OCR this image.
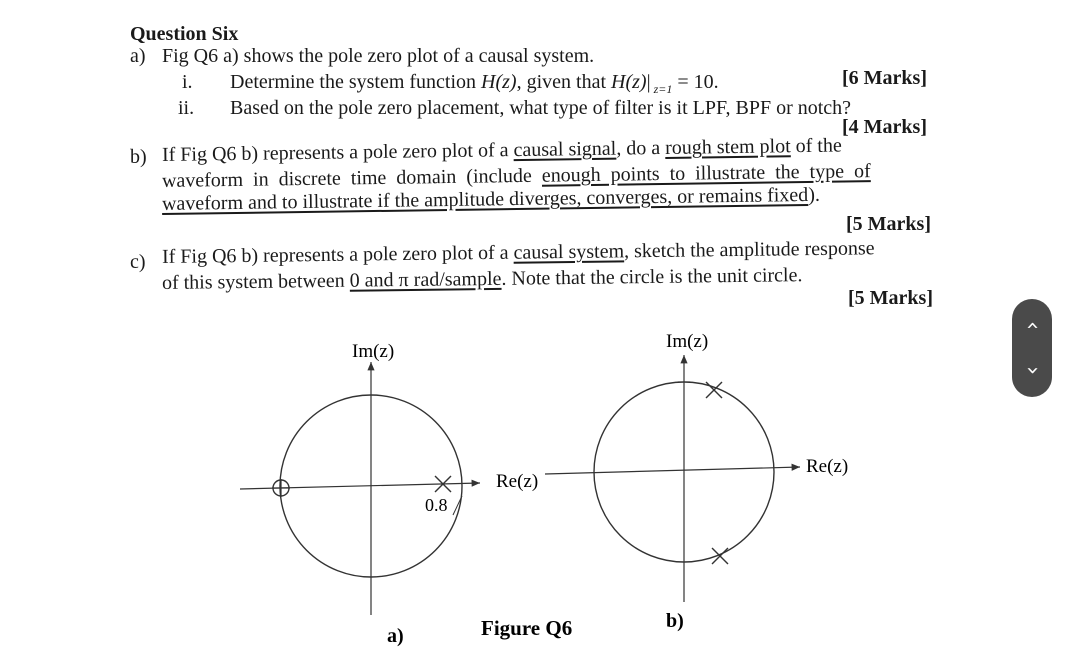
Question Six
a) Fig Q6 a) shows the pole zero plot of a causal system.
i. Determine the system function H(z), given that H(z)| $_{z=1}$ = 10.	[6 Marks]
ii. Based on the pole zero placement, what type of filter is it LPF, BPF or notch?
[4 Marks]
b) If Fig Q6 b) represents a pole zero plot of a causal signal, do a rough stem plot of the
waveform in discrete time domain (include enough points to illustrate the type of
waveform and to illustrate if the amplitude diverges, converges, or remains fixed).
[5 Marks]
c) If Fig Q6 b) represents a pole zero plot of a causal system, sketch the amplitude response
of this system between 0 and π rad/sample. Note that the circle is the unit circle.
[5 Marks]
0.8
Im(z)
Re(z)
a)
Im(z)
Re(z)
b)
Figure Q6
‹
›
